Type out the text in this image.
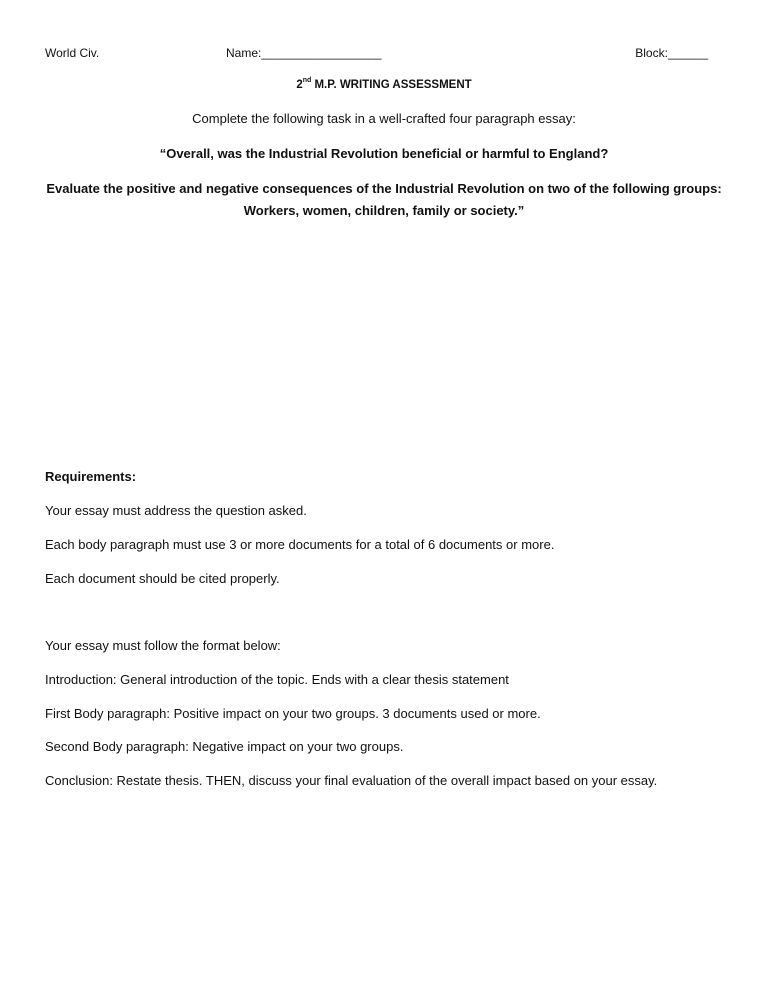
World Civ.	Name:__________________	Block:______
2nd M.P. WRITING ASSESSMENT
Complete the following task in a well-crafted four paragraph essay:
“Overall, was the Industrial Revolution beneficial or harmful to England?
Evaluate the positive and negative consequences of the Industrial Revolution on two of the following groups: Workers, women, children, family or society.”
Requirements:
Your essay must address the question asked.
Each body paragraph must use 3 or more documents for a total of 6 documents or more.
Each document should be cited properly.
Your essay must follow the format below:
Introduction: General introduction of the topic. Ends with a clear thesis statement
First Body paragraph: Positive impact on your two groups. 3 documents used or more.
Second Body paragraph: Negative impact on your two groups.
Conclusion: Restate thesis. THEN, discuss your final evaluation of the overall impact based on your essay.
